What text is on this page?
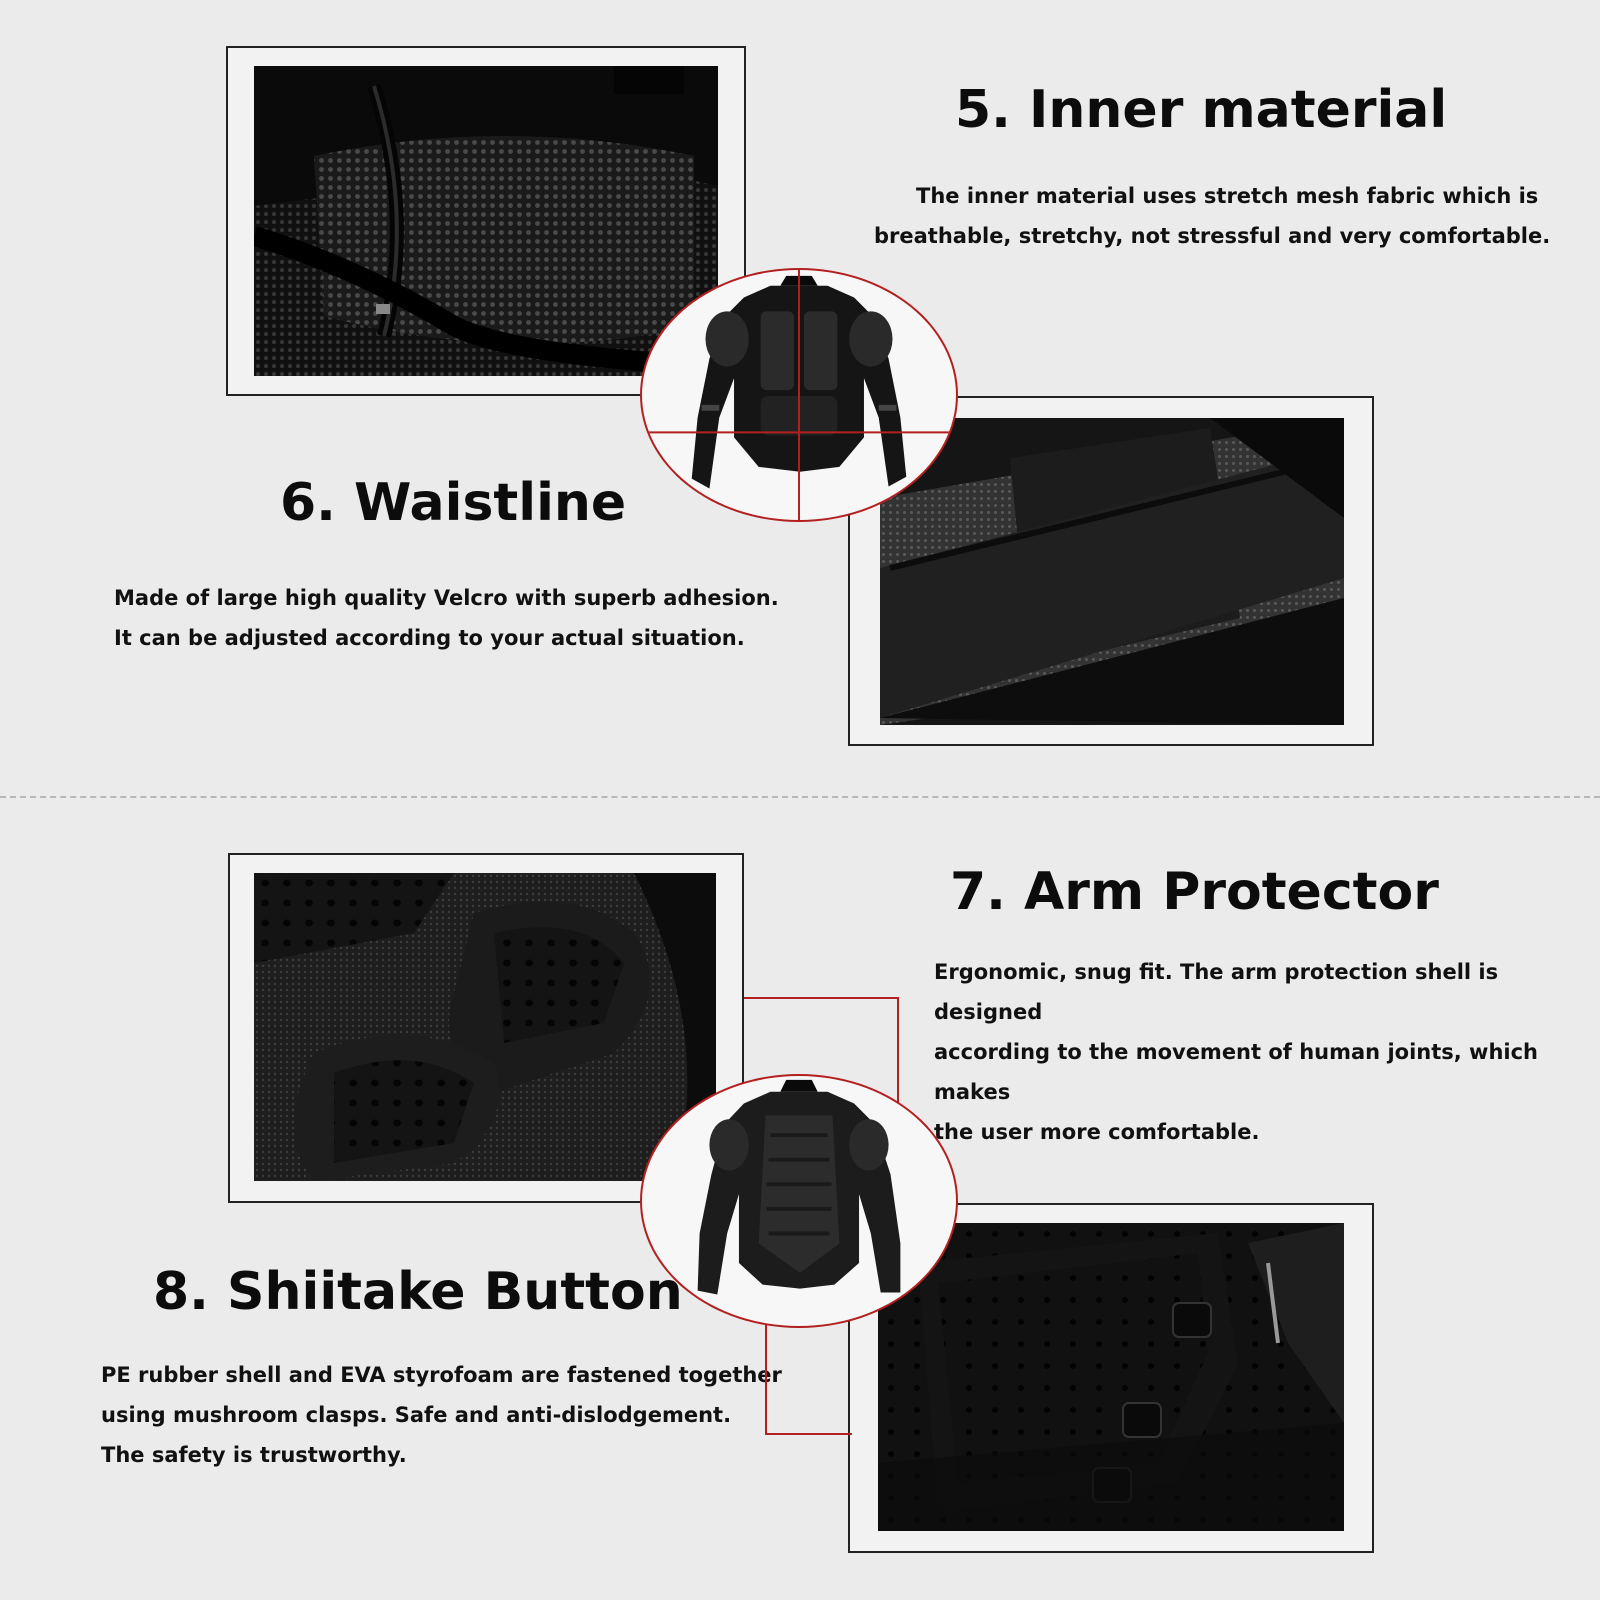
5. Inner material

The inner material uses stretch mesh fabric which is
breathable, stretchy, not stressful and very comfortable.

6. Waistline

Made of large high quality Velcro with superb adhesion.
It can be adjusted according to your actual situation.

7. Arm Protector

Ergonomic, snug fit. The arm protection shell is designed
according to the movement of human joints, which makes
the user more comfortable.

8. Shiitake Button

PE rubber shell and EVA styrofoam are fastened together
using mushroom clasps. Safe and anti-dislodgement.
The safety is trustworthy.
